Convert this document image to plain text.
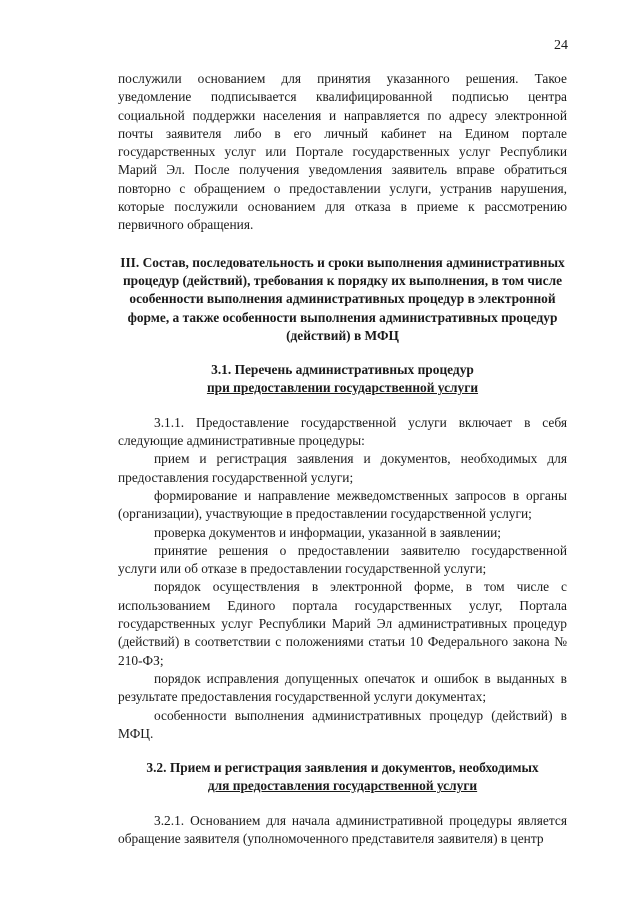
24

послужили основанием для принятия указанного решения. Такое уведомление подписывается квалифицированной подписью центра социальной поддержки населения и направляется по адресу электронной почты заявителя либо в его личный кабинет на Едином портале государственных услуг или Портале государственных услуг Республики Марий Эл. После получения уведомления заявитель вправе обратиться повторно с обращением о предоставлении услуги, устранив нарушения, которые послужили основанием для отказа в приеме к рассмотрению первичного обращения.

III. Состав, последовательность и сроки выполнения административных процедур (действий), требования к порядку их выполнения, в том числе особенности выполнения административных процедур в электронной форме, а также особенности выполнения административных процедур (действий) в МФЦ

3.1. Перечень административных процедур

при предоставлении государственной услуги

3.1.1. Предоставление государственной услуги включает в себя следующие административные процедуры:

прием и регистрация заявления и документов, необходимых для предоставления государственной услуги;

формирование и направление межведомственных запросов в органы (организации), участвующие в предоставлении государственной услуги;

проверка документов и информации, указанной в заявлении;

принятие решения о предоставлении заявителю государственной услуги или об отказе в предоставлении государственной услуги;

порядок осуществления в электронной форме, в том числе с использованием Единого портала государственных услуг, Портала государственных услуг Республики Марий Эл административных процедур (действий) в соответствии с положениями статьи 10 Федерального закона № 210-ФЗ;

порядок исправления допущенных опечаток и ошибок в выданных в результате предоставления государственной услуги документах;

особенности выполнения административных процедур (действий) в МФЦ.

3.2. Прием и регистрация заявления и документов, необходимых

для предоставления государственной услуги

3.2.1. Основанием для начала административной процедуры является обращение заявителя (уполномоченного представителя заявителя) в центр
